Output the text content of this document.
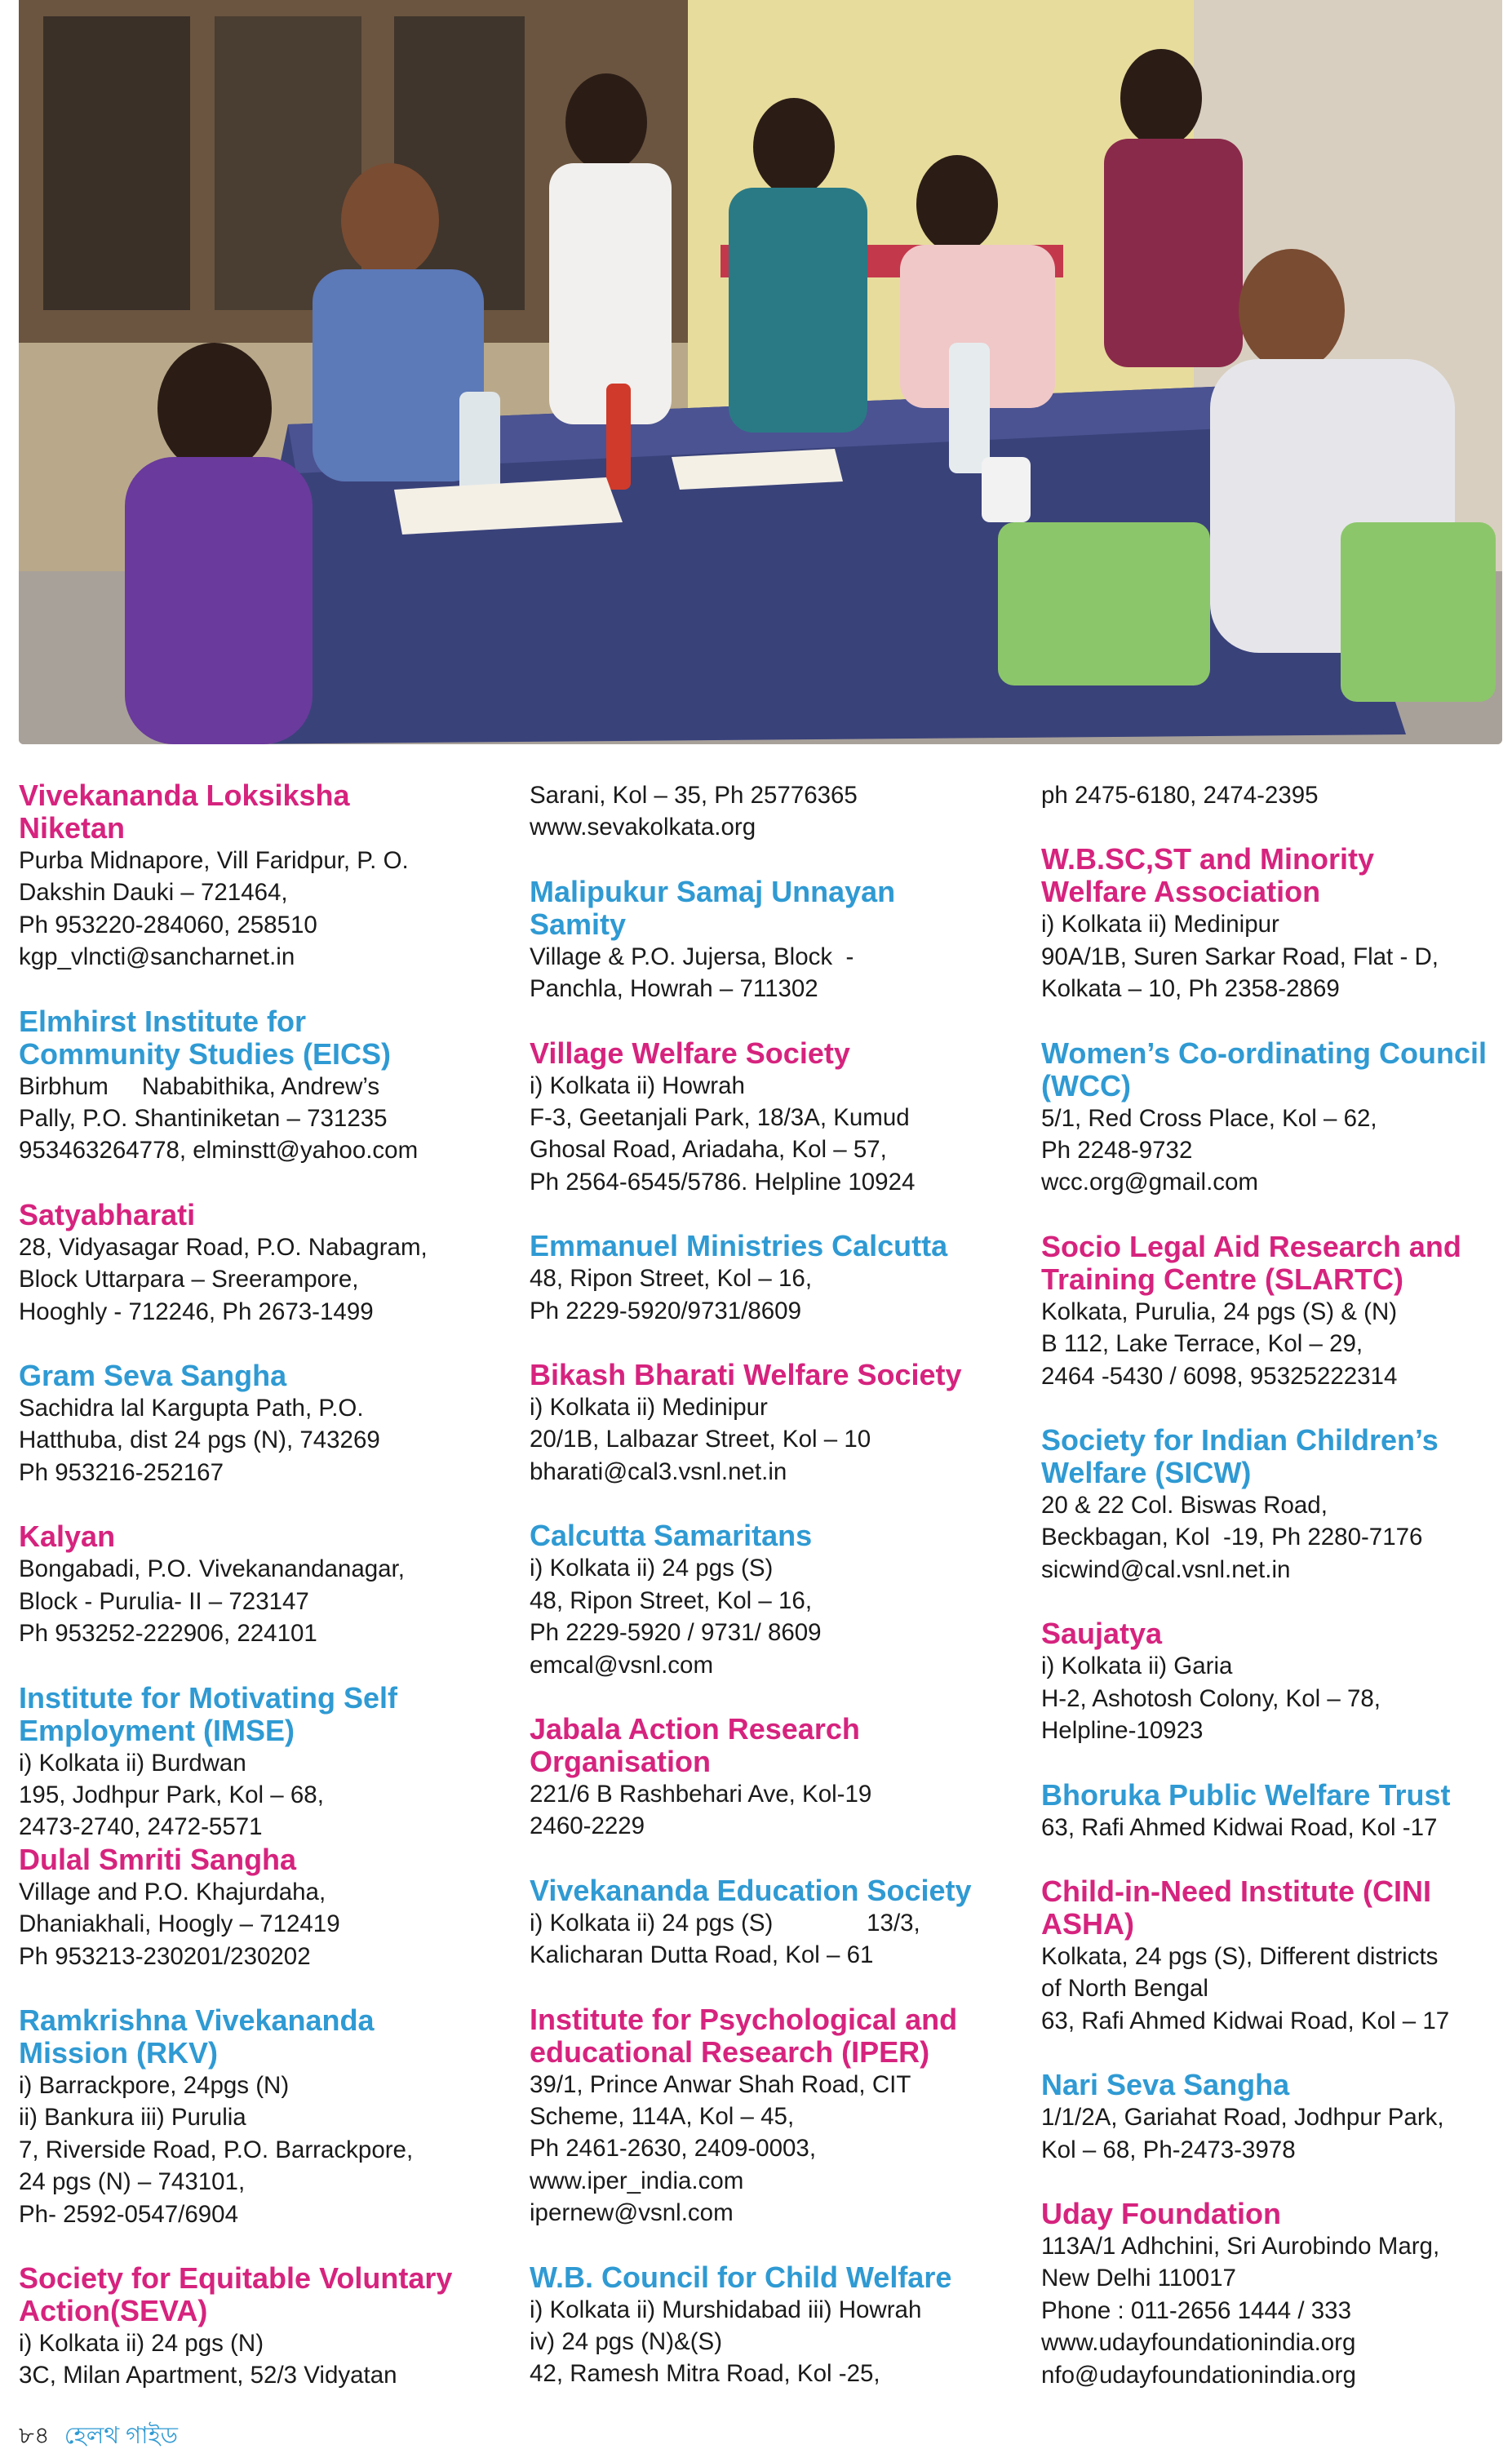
Vivekananda Loksiksha

Niketan

Purba Midnapore, Vill Faridpur, P. O.

Dakshin Dauki – 721464,

Ph 953220-284060, 258510

kgp_vlncti@sancharnet.in

Elmhirst Institute for

Community Studies (EICS)

Birbhum     Nababithika, Andrew’s

Pally, P.O. Shantiniketan – 731235

953463264778, elminstt@yahoo.com

Satyabharati

28, Vidyasagar Road, P.O. Nabagram,

Block Uttarpara – Sreerampore,

Hooghly - 712246, Ph 2673-1499

Gram Seva Sangha

Sachidra lal Kargupta Path, P.O.

Hatthuba, dist 24 pgs (N), 743269

Ph 953216-252167

Kalyan

Bongabadi, P.O. Vivekanandanagar,

Block - Purulia- II – 723147

Ph 953252-222906, 224101

Institute for Motivating Self

Employment (IMSE)

i) Kolkata ii) Burdwan

195, Jodhpur Park, Kol – 68,

2473-2740, 2472-5571

Dulal Smriti Sangha

Village and P.O. Khajurdaha,

Dhaniakhali, Hoogly – 712419

Ph 953213-230201/230202

Ramkrishna Vivekananda

Mission (RKV)

i) Barrackpore, 24pgs (N)

ii) Bankura iii) Purulia

7, Riverside Road, P.O. Barrackpore,

24 pgs (N) – 743101,

Ph- 2592-0547/6904

Society for Equitable Voluntary

Action(SEVA)

i) Kolkata ii) 24 pgs (N)

3C, Milan Apartment, 52/3 Vidyatan

Sarani, Kol – 35, Ph 25776365

www.sevakolkata.org

Malipukur Samaj Unnayan

Samity

Village & P.O. Jujersa, Block  -

Panchla, Howrah – 711302

Village Welfare Society

i) Kolkata ii) Howrah

F-3, Geetanjali Park, 18/3A, Kumud

Ghosal Road, Ariadaha, Kol – 57,

Ph 2564-6545/5786. Helpline 10924

Emmanuel Ministries Calcutta

48, Ripon Street, Kol – 16,

Ph 2229-5920/9731/8609

Bikash Bharati Welfare Society

i) Kolkata ii) Medinipur

20/1B, Lalbazar Street, Kol – 10

bharati@cal3.vsnl.net.in

Calcutta Samaritans

i) Kolkata ii) 24 pgs (S)

48, Ripon Street, Kol – 16,

Ph 2229-5920 / 9731/ 8609

emcal@vsnl.com

Jabala Action Research

Organisation

221/6 B Rashbehari Ave, Kol-19

2460-2229

Vivekananda Education Society

i) Kolkata ii) 24 pgs (S)              13/3,

Kalicharan Dutta Road, Kol – 61

Institute for Psychological and

educational Research (IPER)

39/1, Prince Anwar Shah Road, CIT

Scheme, 114A, Kol – 45,

Ph 2461-2630, 2409-0003,

www.iper_india.com

ipernew@vsnl.com

W.B. Council for Child Welfare

i) Kolkata ii) Murshidabad iii) Howrah

iv) 24 pgs (N)&(S)

42, Ramesh Mitra Road, Kol -25,

ph 2475-6180, 2474-2395

W.B.SC,ST and Minority

Welfare Association

i) Kolkata ii) Medinipur

90A/1B, Suren Sarkar Road, Flat - D,

Kolkata – 10, Ph 2358-2869

Women’s Co-ordinating Council

(WCC)

5/1, Red Cross Place, Kol – 62,

Ph 2248-9732

wcc.org@gmail.com

Socio Legal Aid Research and

Training Centre (SLARTC)

Kolkata, Purulia, 24 pgs (S) & (N)

B 112, Lake Terrace, Kol – 29,

2464 -5430 / 6098, 95325222314

Society for Indian Children’s

Welfare (SICW)

20 & 22 Col. Biswas Road,

Beckbagan, Kol  -19, Ph 2280-7176

sicwind@cal.vsnl.net.in

Saujatya

i) Kolkata ii) Garia

H-2, Ashotosh Colony, Kol – 78,

Helpline-10923

Bhoruka Public Welfare Trust

63, Rafi Ahmed Kidwai Road, Kol -17

Child-in-Need Institute (CINI

ASHA)

Kolkata, 24 pgs (S), Different districts

of North Bengal

63, Rafi Ahmed Kidwai Road, Kol – 17

Nari Seva Sangha

1/1/2A, Gariahat Road, Jodhpur Park,

Kol – 68, Ph-2473-3978

Uday Foundation

113A/1 Adhchini, Sri Aurobindo Marg,

New Delhi 110017

Phone : 011-2656 1444 / 333

www.udayfoundationindia.org

nfo@udayfoundationindia.org

৮৪ হেলথ গাইড
